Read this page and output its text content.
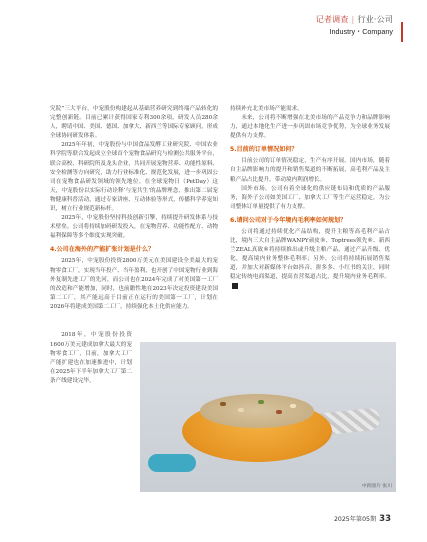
记者调查 | 行业·公司
Industry・Company

究院”三大平台，中宠股份构建起从基础营养研究到终端产品转化的完整创新链。目前已累计获得国家专利300余项，研发人员280余人，聘请中国、美国、德国、加拿大、新西兰等国际专家顾问，形成全球协同研发体系。

2025年年初，中宠股份与中国食品发酵工业研究院、中国农业科学院等联合发起成立全球首个宠物食品研究与检测公共服务平台，联合高校、科研院所及龙头企业，共同开展宠物营养、功能性原料、安全检测等方向研究，助力行业标准化、规范化发展，进一步巩固公司在宠物食品研发领域的领先地位。在全球宠物日（PetDay）这天，中宠股份以实际行动诠释‘与宠共生’的品牌理念，推出第二届宠物健康科普活动，通过专家讲座、互动体验等形式，传播科学养宠知识，树立行业规范新标杆。

2025年，中宠股份坚持科技创新引擎，持续提升研发体系与技术壁垒。公司将持续加码研发投入，在宠物营养、功能性配方、动物福利保障等多个维度实现突破。

4.公司在海外的产能扩张计划是什么？

2025年，中宠股份投资2800万美元在美国建设全美最大的宠物零食工厂，实现当年投产、当年盈利，也开创了中国宠物行业到海外复制先进工厂的先河，而公司也在2024年完成了对美国第一工厂的改造和产能增加，同时，也前瞻性地在2023年决定投资建设美国第二工厂，其产能远高于目前正在运行的美国第一工厂，计划在2026年将建成美国第二工厂，持续强化本土化供应能力。

2018年，中宠股份投资1600万美元建成加拿大最大的宠物零食工厂，目前，加拿大工厂产能扩建也在加速推进中，计划在2025年下半年加拿大工厂第二条产线建设完毕，

持续补充北美市场产能需求。

未来，公司将不断增强在北美市场的产品竞争力和品牌影响力，通过本地化生产进一步巩固市场竞争优势，为全球业务发展提供有力支撑。

5.目前的订单情况如何？

目前公司的订单情况稳定，生产有序开展。国内市场，随着自主品牌影响力的提升和销售渠道的不断拓展，高毛利产品及主粮产品占比提升，带动境内利润增长。

国外市场，公司有着全球化的供应链布局和优质的产品服务，海外子公司如美国工厂、加拿大工厂等生产运营稳定，为公司整体订单量提供了有力支撑。

6.请问公司对于今年境内毛利率如何规划？

公司将通过持续优化产品结构，提升主粮等高毛利产品占比，境内三大自主品牌WANPY顽皮®、Toptrees领先®、新西兰ZEAL真致®将持续推出或升级主粮产品，通过产品升级、优化，提高境内业务整体毛利率；另外，公司将持续拓展销售渠道，并加大对新媒体平台如抖音、拼多多、小红书的关注，同时稳定传统电商渠道，提高直营渠道占比，提升境内业务毛利率。

中新图片 张川
2025年第05期 33
